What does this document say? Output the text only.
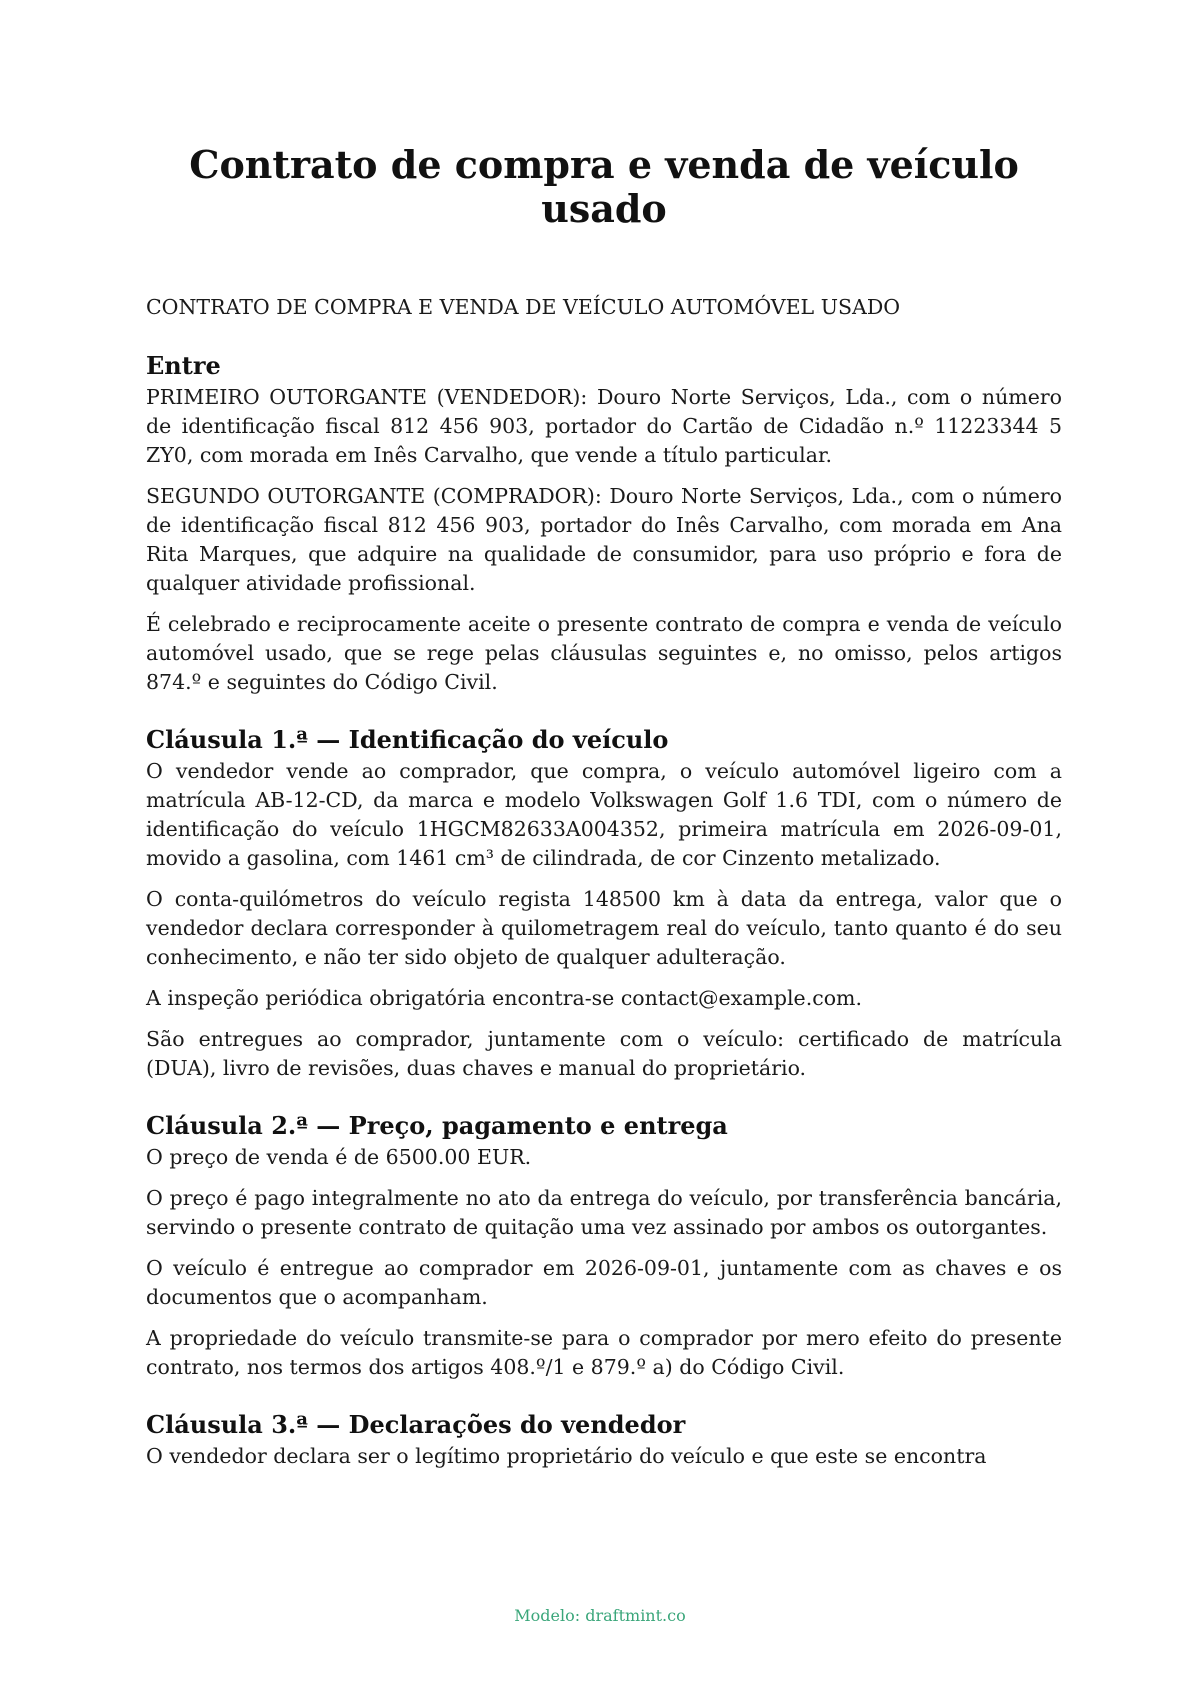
Contrato de compra e venda de veículo usado

CONTRATO DE COMPRA E VENDA DE VEÍCULO AUTOMÓVEL USADO

Entre

PRIMEIRO OUTORGANTE (VENDEDOR): Douro Norte Serviços, Lda., com o número de identificação fiscal 812 456 903, portador do Cartão de Cidadão n.º 11223344 5 ZY0, com morada em Inês Carvalho, que vende a título particular.

SEGUNDO OUTORGANTE (COMPRADOR): Douro Norte Serviços, Lda., com o número de identificação fiscal 812 456 903, portador do Inês Carvalho, com morada em Ana Rita Marques, que adquire na qualidade de consumidor, para uso próprio e fora de qualquer atividade profissional.

É celebrado e reciprocamente aceite o presente contrato de compra e venda de veículo automóvel usado, que se rege pelas cláusulas seguintes e, no omisso, pelos artigos 874.º e seguintes do Código Civil.

Cláusula 1.ª — Identificação do veículo

O vendedor vende ao comprador, que compra, o veículo automóvel ligeiro com a matrícula AB-12-CD, da marca e modelo Volkswagen Golf 1.6 TDI, com o número de identificação do veículo 1HGCM82633A004352, primeira matrícula em 2026-09-01, movido a gasolina, com 1461 cm³ de cilindrada, de cor Cinzento metalizado.

O conta-quilómetros do veículo regista 148500 km à data da entrega, valor que o vendedor declara corresponder à quilometragem real do veículo, tanto quanto é do seu conhecimento, e não ter sido objeto de qualquer adulteração.

A inspeção periódica obrigatória encontra-se contact@example.com.

São entregues ao comprador, juntamente com o veículo: certificado de matrícula (DUA), livro de revisões, duas chaves e manual do proprietário.

Cláusula 2.ª — Preço, pagamento e entrega

O preço de venda é de 6500.00 EUR.

O preço é pago integralmente no ato da entrega do veículo, por transferência bancária, servindo o presente contrato de quitação uma vez assinado por ambos os outorgantes.

O veículo é entregue ao comprador em 2026-09-01, juntamente com as chaves e os documentos que o acompanham.

A propriedade do veículo transmite-se para o comprador por mero efeito do presente contrato, nos termos dos artigos 408.º/1 e 879.º a) do Código Civil.

Cláusula 3.ª — Declarações do vendedor

O vendedor declara ser o legítimo proprietário do veículo e que este se encontra

Modelo: draftmint.co
